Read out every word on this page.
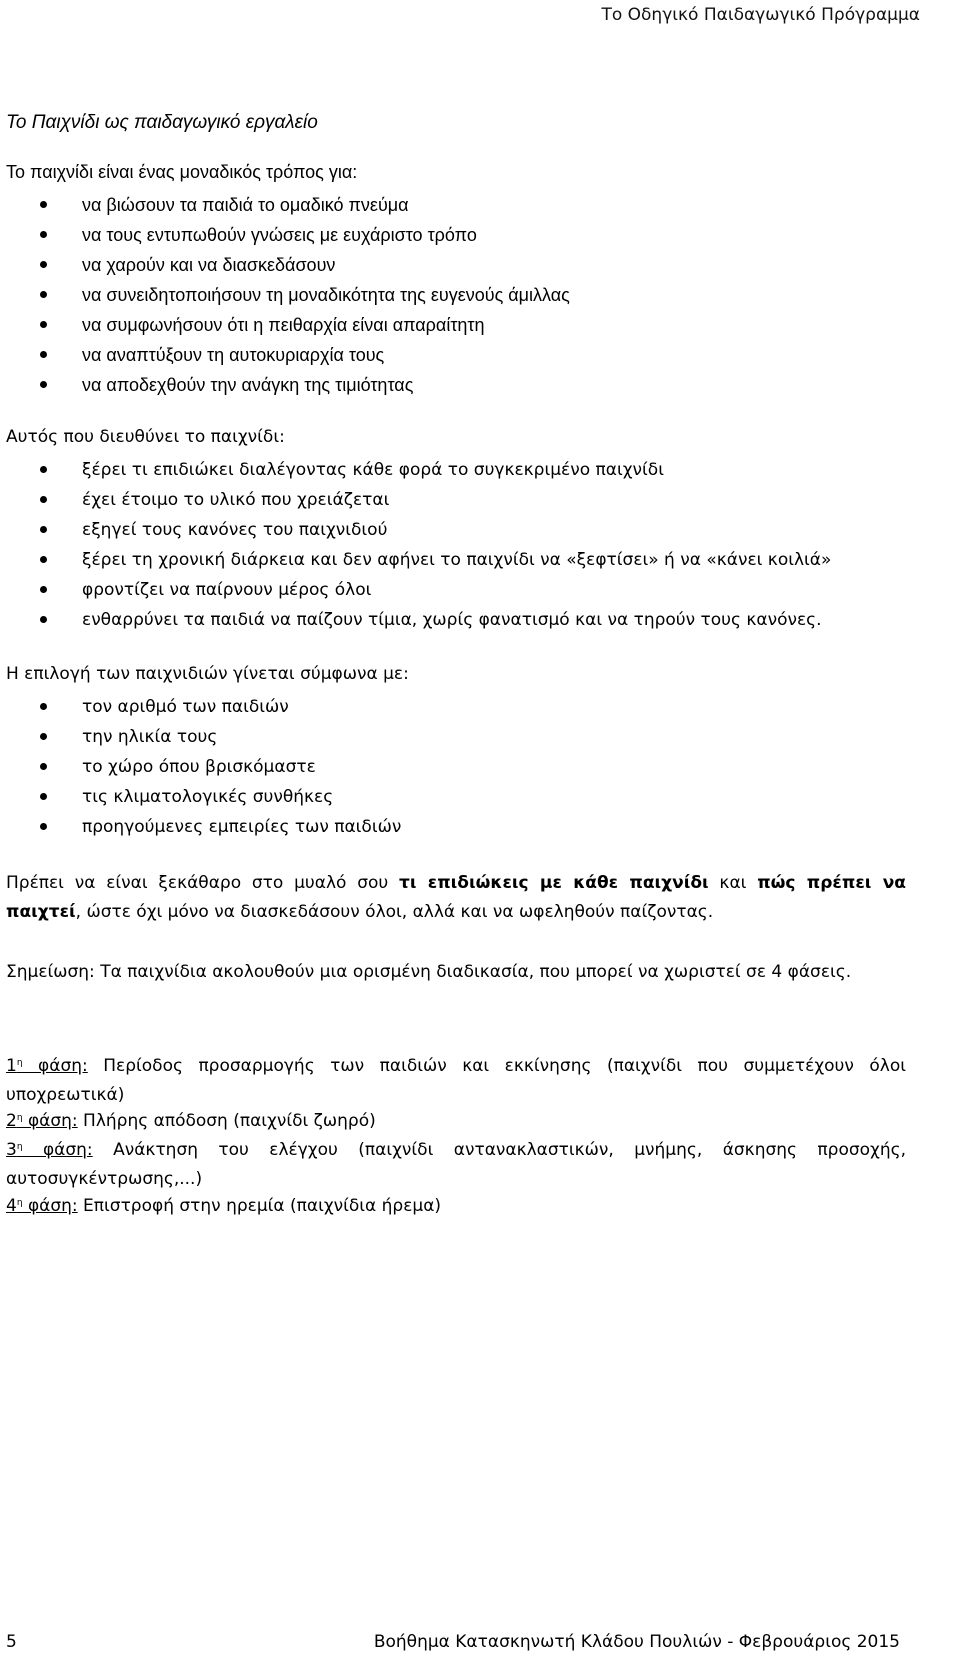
Το Οδηγικό Παιδαγωγικό Πρόγραμμα
Το Παιχνίδι ως παιδαγωγικό εργαλείο
Το παιχνίδι είναι ένας μοναδικός τρόπος για:
να βιώσουν τα παιδιά το ομαδικό πνεύμα
να τους εντυπωθούν γνώσεις με ευχάριστο τρόπο
να χαρούν και να διασκεδάσουν
να συνειδητοποιήσουν τη μοναδικότητα της ευγενούς άμιλλας
να συμφωνήσουν ότι η πειθαρχία είναι απαραίτητη
να αναπτύξουν τη αυτοκυριαρχία τους
να αποδεχθούν την ανάγκη της τιμιότητας
Αυτός που διευθύνει το παιχνίδι:
ξέρει τι επιδιώκει διαλέγοντας κάθε φορά το συγκεκριμένο παιχνίδι
έχει έτοιμο το υλικό που χρειάζεται
εξηγεί τους κανόνες του παιχνιδιού
ξέρει τη χρονική διάρκεια και δεν αφήνει το παιχνίδι να «ξεφτίσει» ή να «κάνει κοιλιά»
φροντίζει να παίρνουν μέρος όλοι
ενθαρρύνει τα παιδιά να παίζουν τίμια, χωρίς φανατισμό και να τηρούν τους κανόνες.
Η επιλογή των παιχνιδιών γίνεται σύμφωνα με:
τον αριθμό των παιδιών
την ηλικία τους
το χώρο όπου βρισκόμαστε
τις κλιματολογικές συνθήκες
προηγούμενες εμπειρίες των παιδιών
Πρέπει να είναι ξεκάθαρο στο μυαλό σου τι επιδιώκεις με κάθε παιχνίδι και πώς πρέπει να παιχτεί, ώστε όχι μόνο να διασκεδάσουν όλοι, αλλά και να ωφεληθούν παίζοντας.
Σημείωση: Τα παιχνίδια ακολουθούν μια ορισμένη διαδικασία, που μπορεί να χωριστεί σε 4 φάσεις.
$1^\eta$ φάση: Περίοδος προσαρμογής των παιδιών και εκκίνησης (παιχνίδι που συμμετέχουν όλοι υποχρεωτικά)
$2^\eta$ φάση: Πλήρης απόδοση (παιχνίδι ζωηρό)
$3^\eta$ φάση: Ανάκτηση του ελέγχου (παιχνίδι αντανακλαστικών, μνήμης, άσκησης προσοχής, αυτοσυγκέντρωσης,...)
$4^\eta$ φάση: Επιστροφή στην ηρεμία (παιχνίδια ήρεμα)
5	Βοήθημα Κατασκηνωτή Κλάδου Πουλιών - Φεβρουάριος 2015
